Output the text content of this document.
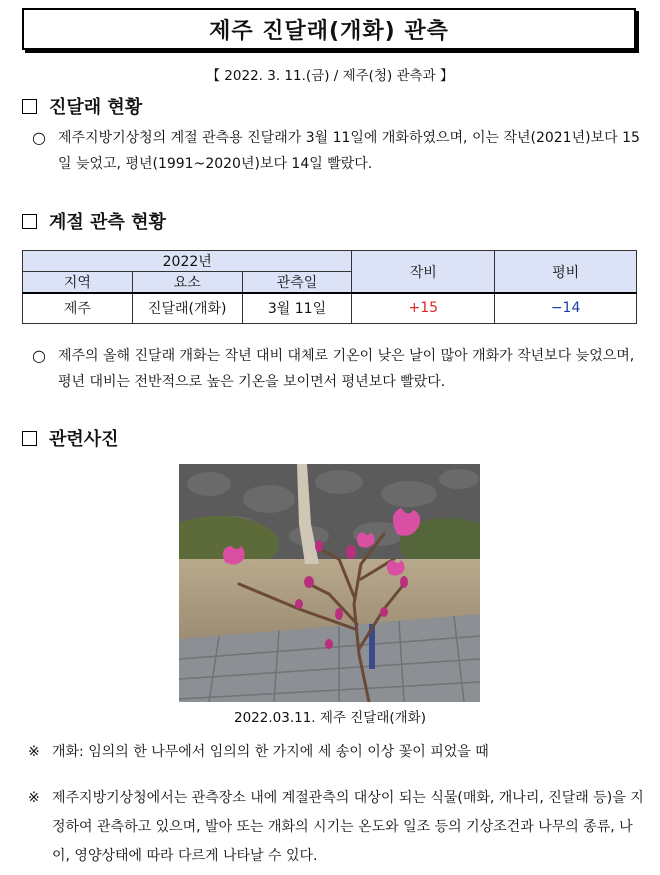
제주 진달래(개화) 관측
【 2022. 3. 11.(금) / 제주(청) 관측과 】
진달래 현황
○ 제주지방기상청의 계절 관측용 진달래가 3월 11일에 개화하였으며, 이는 작년(2021년)보다 15일 늦었고, 평년(1991~2020년)보다 14일 빨랐다.
계절 관측 현황
2022년			작비	평비
지역	요소	관측일		
제주	진달래(개화)	3월 11일	+15	−14
○ 제주의 올해 진달래 개화는 작년 대비 대체로 기온이 낮은 날이 많아 개화가 작년보다 늦었으며, 평년 대비는 전반적으로 높은 기온을 보이면서 평년보다 빨랐다.
관련사진
2022.03.11. 제주 진달래(개화)
※ 개화: 임의의 한 나무에서 임의의 한 가지에 세 송이 이상 꽃이 피었을 때
※ 제주지방기상청에서는 관측장소 내에 계절관측의 대상이 되는 식물(매화, 개나리, 진달래 등)을 지정하여 관측하고 있으며, 발아 또는 개화의 시기는 온도와 일조 등의 기상조건과 나무의 종류, 나이, 영양상태에 따라 다르게 나타날 수 있다.
